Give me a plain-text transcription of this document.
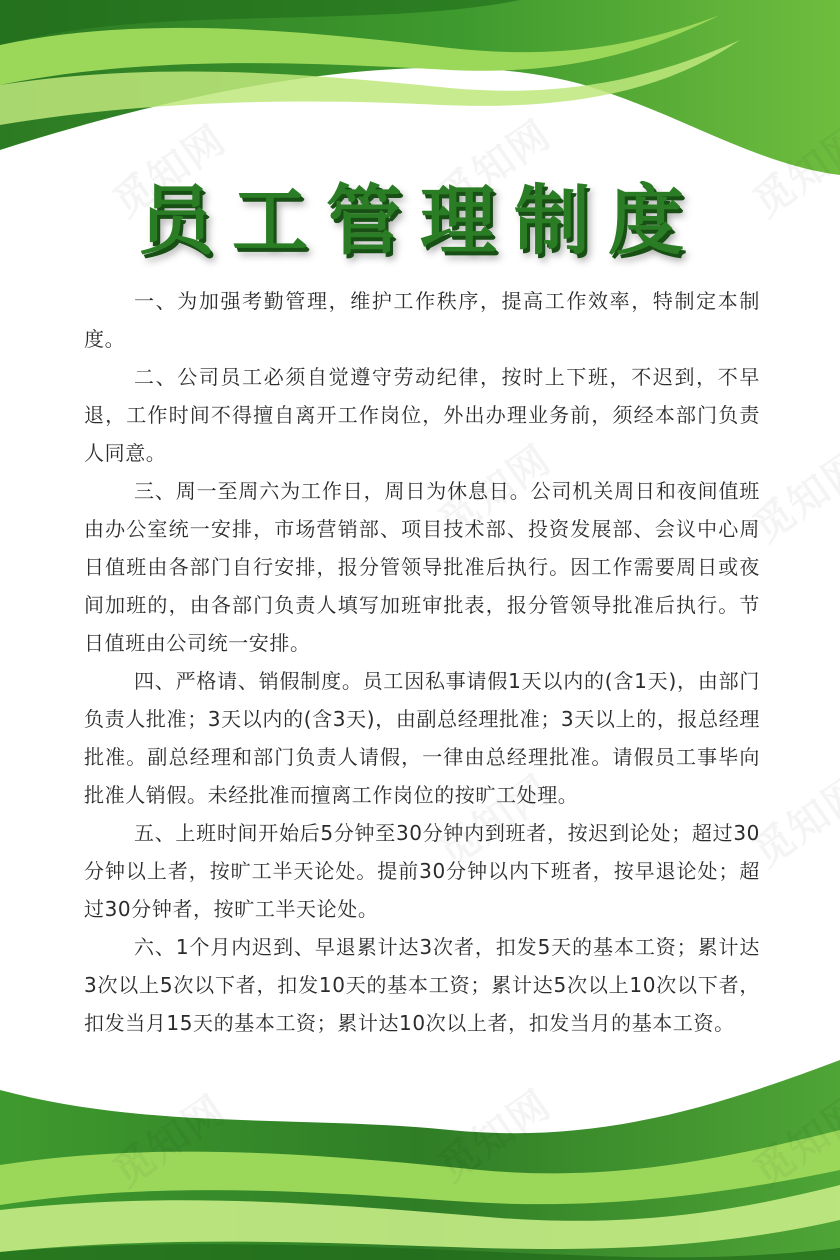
员工管理制度

一、为加强考勤管理，维护工作秩序，提高工作效率，特制定本制度。

二、公司员工必须自觉遵守劳动纪律，按时上下班，不迟到，不早退，工作时间不得擅自离开工作岗位，外出办理业务前，须经本部门负责人同意。

三、周一至周六为工作日，周日为休息日。公司机关周日和夜间值班由办公室统一安排，市场营销部、项目技术部、投资发展部、会议中心周日值班由各部门自行安排，报分管领导批准后执行。因工作需要周日或夜间加班的，由各部门负责人填写加班审批表，报分管领导批准后执行。节日值班由公司统一安排。

四、严格请、销假制度。员工因私事请假1天以内的(含1天)，由部门负责人批准；3天以内的(含3天)，由副总经理批准；3天以上的，报总经理批准。副总经理和部门负责人请假，一律由总经理批准。请假员工事毕向批准人销假。未经批准而擅离工作岗位的按旷工处理。

五、上班时间开始后5分钟至30分钟内到班者，按迟到论处；超过30分钟以上者，按旷工半天论处。提前30分钟以内下班者，按早退论处；超过30分钟者，按旷工半天论处。

六、1个月内迟到、早退累计达3次者，扣发5天的基本工资；累计达3次以上5次以下者，扣发10天的基本工资；累计达5次以上10次以下者，扣发当月15天的基本工资；累计达10次以上者，扣发当月的基本工资。
